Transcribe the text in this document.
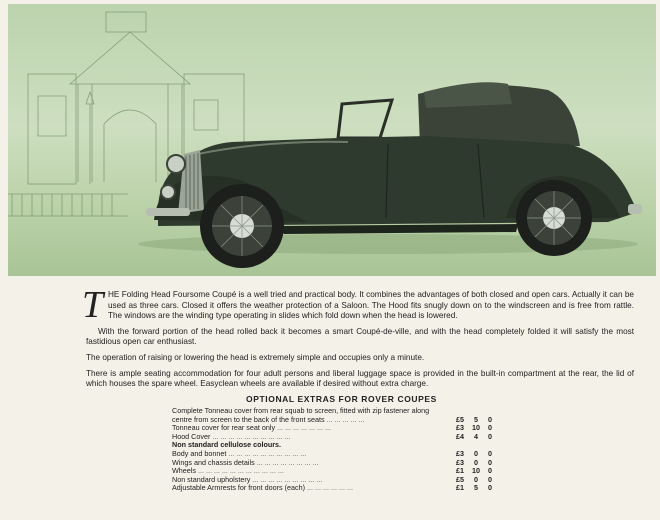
T HE Folding Head Foursome Coupé is a well tried and practical body. It combines the advantages of both closed and open cars. Actually it can be used as three cars. Closed it offers the weather protection of a Saloon. The Hood fits snugly down on to the windscreen and is free from rattle. The windows are the winding type operating in slides which fold down when the head is lowered.

With the forward portion of the head rolled back it becomes a smart Coupé-de-ville, and with the head completely folded it will satisfy the most fastidious open car enthusiast.

The operation of raising or lowering the head is extremely simple and occupies only a minute.

There is ample seating accommodation for four adult persons and liberal luggage space is provided in the built-in compartment at the rear, the lid of which houses the spare wheel. Easyclean wheels are available if desired without extra charge.

OPTIONAL EXTRAS FOR ROVER COUPES
Complete Tonneau cover from rear squab to screen, fitted with zip fastener along
centre from screen to the back of the front seats ... ... ... ... ...	£5 5 0
Tonneau cover for rear seat only ... ... ... ... ... ... ...	£3 10 0
Hood Cover ... ... ... ... ... ... ... ... ... ...	£4 4 0
Non standard cellulose colours.
Body and bonnet ... ... ... ... ... ... ... ... ... ...	£3 0 0
Wings and chassis details ... ... ... ... ... ... ... ...	£3 0 0
Wheels ... ... ... ... ... ... ... ... ... ... ...	£1 10 0
Non standard upholstery ... ... ... ... ... ... ... ... ...	£5 0 0
Adjustable Armrests for front doors (each) ... ... ... ... ... ...	£1 5 0
